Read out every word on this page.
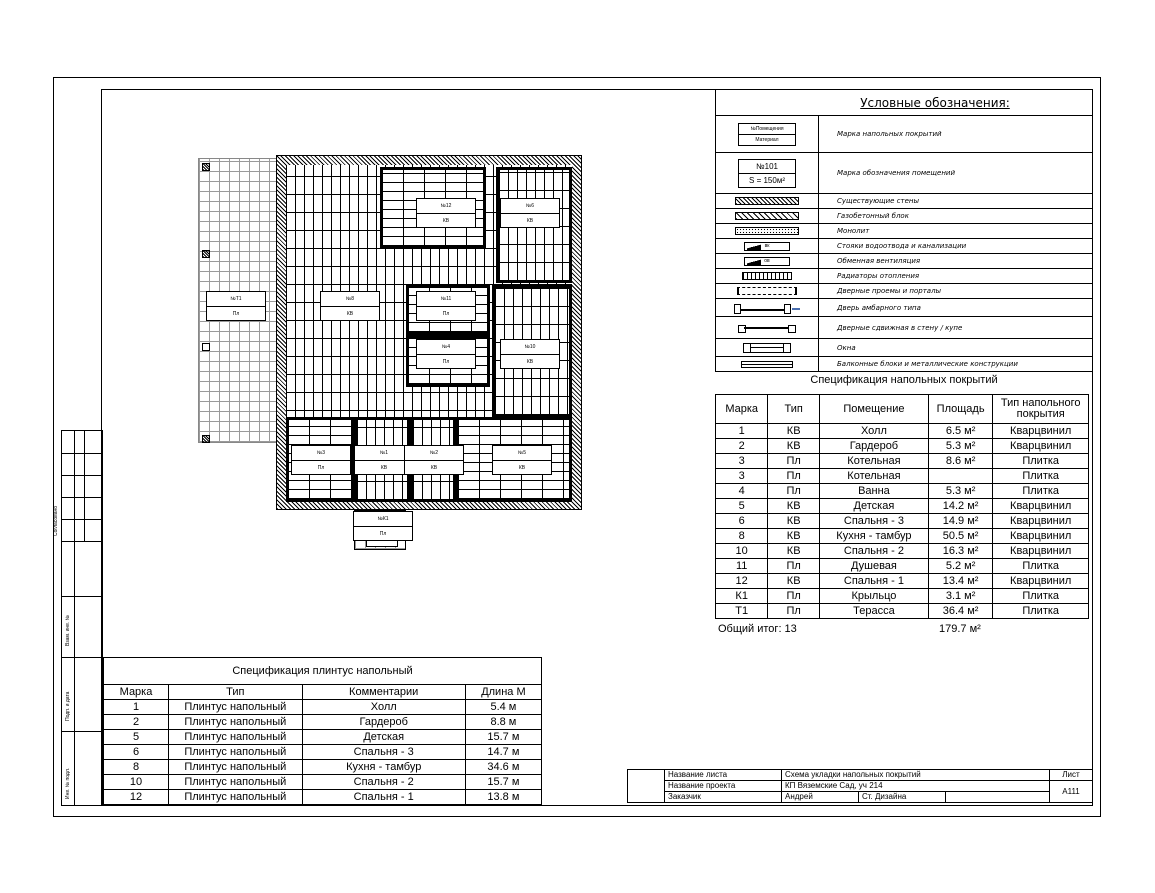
Согласовано
Взам. инв. №
Подп. и дата
Инв. № подл.
№Т1
Пл
№8
КВ
№12
КВ
№6
КВ
№11
Пл
№4
Пл
№10
КВ
№3
Пл
№1
КВ
№2
КВ
№5
КВ
№К1
Пл
Условные обозначения:
№Помещения
Материал	Марка напольных покрытий

№101
S = 150м²	Марка обозначения помещений

	Существующие стены

	Газобетонный блок

	Монолит

вк	Стояки водоотвода и канализации

ов	Обменная вентиляция

	Радиаторы отопления

	Дверные проемы и порталы

	Дверь амбарного типа

	Дверные сдвижная в стену / купе

	Окна

	Балконные блоки и металлические конструкции
Спецификация напольных покрытий
Марка	Тип	Помещение	Площадь	Тип напольного покрытия
1	КВ	Холл	6.5 м²	Кварцвинил
2	КВ	Гардероб	5.3 м²	Кварцвинил
3	Пл	Котельная	8.6 м²	Плитка
3	Пл	Котельная		Плитка
4	Пл	Ванна	5.3 м²	Плитка
5	КВ	Детская	14.2 м²	Кварцвинил
6	КВ	Спальня - 3	14.9 м²	Кварцвинил
8	КВ	Кухня - тамбур	50.5 м²	Кварцвинил
10	КВ	Спальня - 2	16.3 м²	Кварцвинил
11	Пл	Душевая	5.2 м²	Плитка
12	КВ	Спальня - 1	13.4 м²	Кварцвинил
К1	Пл	Крыльцо	3.1 м²	Плитка
Т1	Пл	Терасса	36.4 м²	Плитка
Общий итог: 13	179.7 м²
Спецификация плинтус напольный			
Марка	Тип	Комментарии	Длина М
1	Плинтус напольный	Холл	5.4 м
2	Плинтус напольный	Гардероб	8.8 м
5	Плинтус напольный	Детская	15.7 м
6	Плинтус напольный	Спальня - 3	14.7 м
8	Плинтус напольный	Кухня - тамбур	34.6 м
10	Плинтус напольный	Спальня - 2	15.7 м
12	Плинтус напольный	Спальня - 1	13.8 м
	Название листа	Схема укладки напольных покрытий			Лист
	Название проекта	КП Вяземские Сад, уч 214			А111
	Заказчик	Андрей	Ст. Дизайна		
